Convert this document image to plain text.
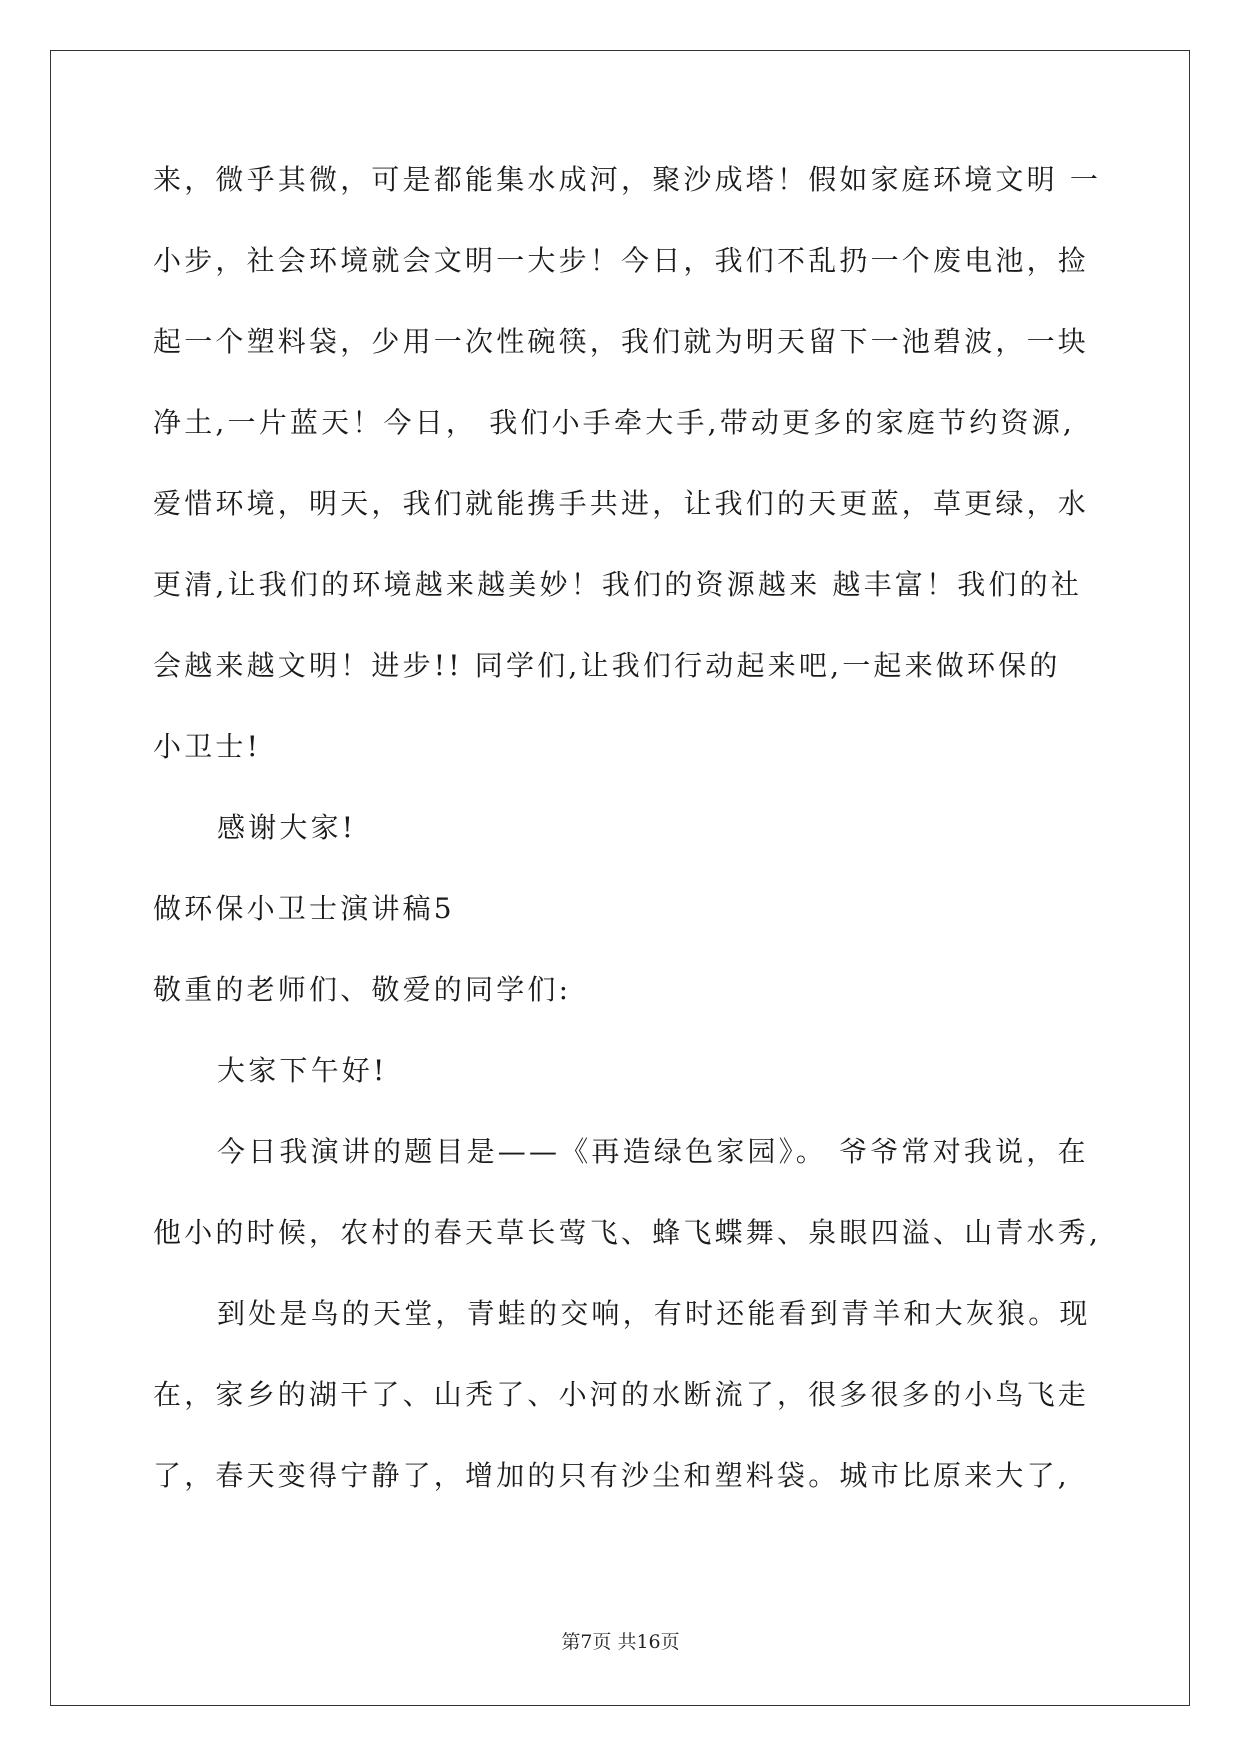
来，微乎其微，可是都能集水成河，聚沙成塔！假如家庭环境文明 一
小步，社会环境就会文明一大步！今日，我们不乱扔一个废电池，捡
起一个塑料袋，少用一次性碗筷，我们就为明天留下一池碧波，一块
净土,一片蓝天！今日， 我们小手牵大手,带动更多的家庭节约资源,
爱惜环境，明天，我们就能携手共进，让我们的天更蓝，草更绿，水
更清,让我们的环境越来越美妙！我们的资源越来 越丰富！我们的社
会越来越文明！进步!! 同学们,让我们行动起来吧,一起来做环保的
小卫士!
感谢大家!
做环保小卫士演讲稿5
敬重的老师们、敬爱的同学们:
大家下午好!
今日我演讲的题目是——《再造绿色家园》。 爷爷常对我说，在
他小的时候，农村的春天草长莺飞、蜂飞蝶舞、泉眼四溢、山青水秀,
到处是鸟的天堂，青蛙的交响，有时还能看到青羊和大灰狼。现
在，家乡的湖干了、山秃了、小河的水断流了，很多很多的小鸟飞走
了，春天变得宁静了，增加的只有沙尘和塑料袋。城市比原来大了,
第7页 共16页
